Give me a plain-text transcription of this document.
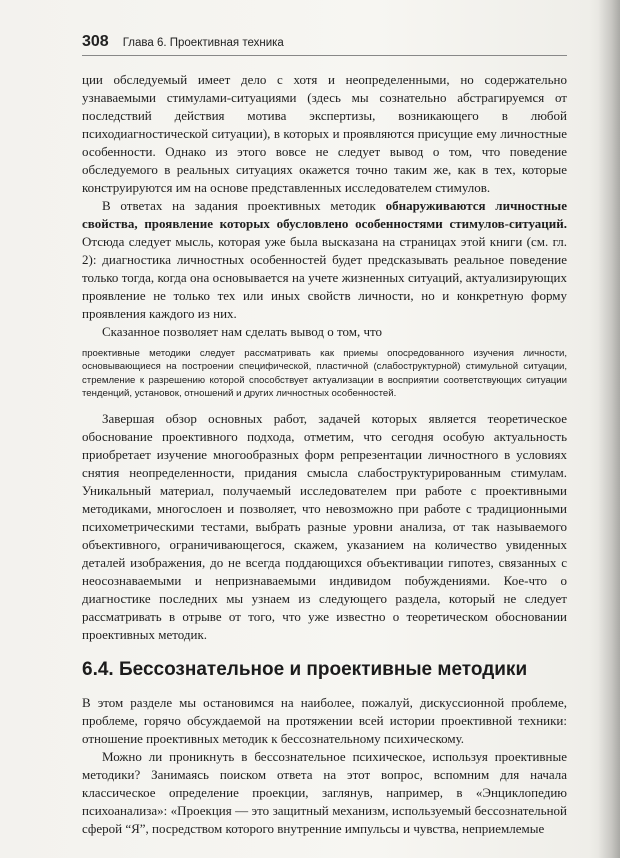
308 Глава 6. Проективная техника

ции обследуемый имеет дело с хотя и неопределенными, но содержательно узнаваемыми стимулами-ситуациями (здесь мы сознательно абстрагируемся от последствий действия мотива экспертизы, возникающего в любой психодиагностической ситуации), в которых и проявляются присущие ему личностные особенности. Однако из этого вовсе не следует вывод о том, что поведение обследуемого в реальных ситуациях окажется точно таким же, как в тех, которые конструируются им на основе представленных исследователем стимулов.

В ответах на задания проективных методик обнаруживаются личностные свойства, проявление которых обусловлено особенностями стимулов-ситуаций. Отсюда следует мысль, которая уже была высказана на страницах этой книги (см. гл. 2): диагностика личностных особенностей будет предсказывать реальное поведение только тогда, когда она основывается на учете жизненных ситуаций, актуализирующих проявление не только тех или иных свойств личности, но и конкретную форму проявления каждого из них.

Сказанное позволяет нам сделать вывод о том, что

проективные методики следует рассматривать как приемы опосредованного изучения личности, основывающиеся на построении специфической, пластичной (слабоструктурной) стимульной ситуации, стремление к разрешению которой способствует актуализации в восприятии соответствующих ситуации тенденций, установок, отношений и других личностных особенностей.

Завершая обзор основных работ, задачей которых является теоретическое обоснование проективного подхода, отметим, что сегодня особую актуальность приобретает изучение многообразных форм репрезентации личностного в условиях снятия неопределенности, придания смысла слабоструктурированным стимулам. Уникальный материал, получаемый исследователем при работе с проективными методиками, многослоен и позволяет, что невозможно при работе с традиционными психометрическими тестами, выбрать разные уровни анализа, от так называемого объективного, ограничивающегося, скажем, указанием на количество увиденных деталей изображения, до не всегда поддающихся объективации гипотез, связанных с неосознаваемыми и непризнаваемыми индивидом побуждениями. Кое-что о диагностике последних мы узнаем из следующего раздела, который не следует рассматривать в отрыве от того, что уже известно о теоретическом обосновании проективных методик.

6.4. Бессознательное и проективные методики

В этом разделе мы остановимся на наиболее, пожалуй, дискуссионной проблеме, проблеме, горячо обсуждаемой на протяжении всей истории проективной техники: отношение проективных методик к бессознательному психическому.

Можно ли проникнуть в бессознательное психическое, используя проективные методики? Занимаясь поиском ответа на этот вопрос, вспомним для начала классическое определение проекции, заглянув, например, в «Энциклопедию психоанализа»: «Проекция — это защитный механизм, используемый бессознательной сферой “Я”, посредством которого внутренние импульсы и чувства, неприемлемые
